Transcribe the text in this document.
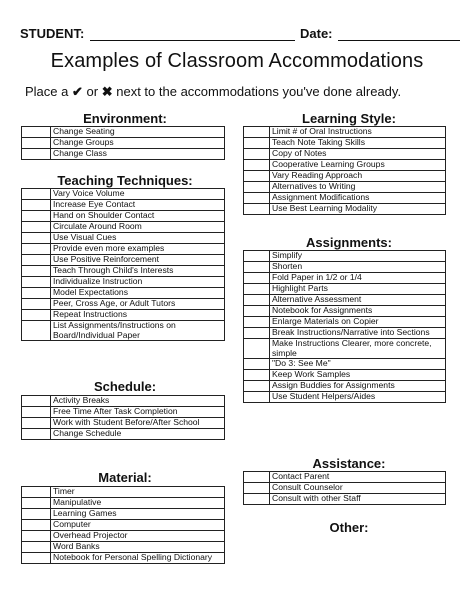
STUDENT:	Date:
Examples of Classroom Accommodations
Place a ✔ or ✖ next to the accommodations you've done already.
Environment:
	Change Seating
	Change Groups
	Change Class
Teaching Techniques:
	Vary Voice Volume
	Increase Eye Contact
	Hand on Shoulder Contact
	Circulate Around Room
	Use Visual Cues
	Provide even more examples
	Use Positive Reinforcement
	Teach Through Child's Interests
	Individualize Instruction
	Model Expectations
	Peer, Cross Age, or Adult Tutors
	Repeat Instructions
	List Assignments/Instructions on Board/Individual Paper
Schedule:
	Activity Breaks
	Free Time After Task Completion
	Work with Student Before/After School
	Change Schedule
Material:
	Timer
	Manipulative
	Learning Games
	Computer
	Overhead Projector
	Word Banks
	Notebook for Personal Spelling Dictionary
Learning Style:
	Limit # of Oral Instructions
	Teach Note Taking Skills
	Copy of Notes
	Cooperative Learning Groups
	Vary Reading Approach
	Alternatives to Writing
	Assignment Modifications
	Use Best Learning Modality
Assignments:
	Simplify
	Shorten
	Fold Paper in 1/2 or 1/4
	Highlight Parts
	Alternative Assessment
	Notebook for Assignments
	Enlarge Materials on Copier
	Break Instructions/Narrative into Sections
	Make Instructions Clearer, more concrete, simple
	"Do 3: See Me"
	Keep Work Samples
	Assign Buddies for Assignments
	Use Student Helpers/Aides
Assistance:
	Contact Parent
	Consult Counselor
	Consult with other Staff
Other:
